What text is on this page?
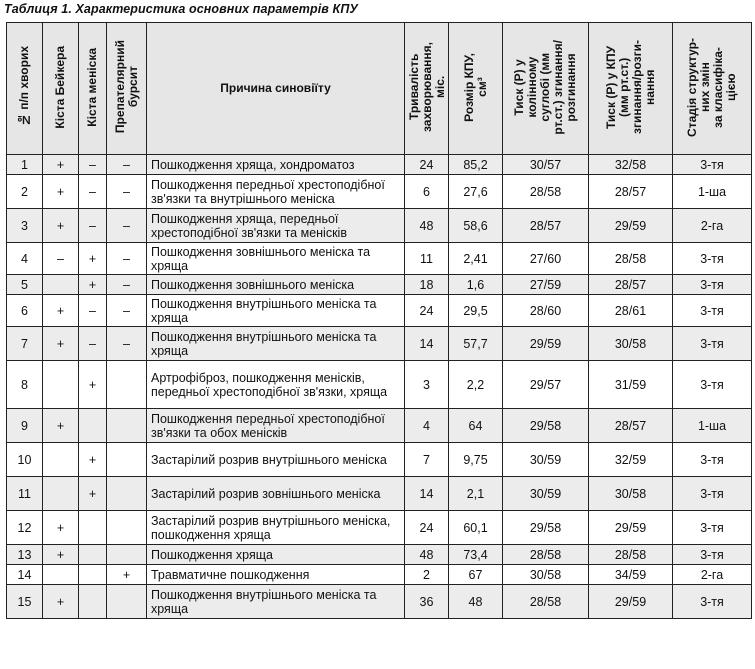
Таблиця 1. Характеристика основних параметрів КПУ
№ п/п хворих	Кіста Бейкера	Кіста меніска	Препателярний
бурсит	Причина синовіїту	Тривалість
захворювання,
міс.	Розмір КПУ,
см³	Тиск (Р) у
колінному
суглобі (мм
рт.ст.) згинання/
розгинання	Тиск (Р) у КПУ
(мм рт.ст.)
згинання/розги-
нання	Стадія структур-
них змін
за класифіка-
цією
1	+	–	–	Пошкодження хряща, хондроматоз	24	85,2	30/57	32/58	3-тя
2	+	–	–	Пошкодження передньої хрестоподібної зв'язки та внутрішнього меніска	6	27,6	28/58	28/57	1-ша
3	+	–	–	Пошкодження хряща, передньої хрестоподібної зв'язки та менісків	48	58,6	28/57	29/59	2-га
4	–	+	–	Пошкодження зовнішнього меніска та хряща	11	2,41	27/60	28/58	3-тя
5		+	–	Пошкодження зовнішнього меніска	18	1,6	27/59	28/57	3-тя
6	+	–	–	Пошкодження внутрішнього меніска та хряща	24	29,5	28/60	28/61	3-тя
7	+	–	–	Пошкодження внутрішнього меніска та хряща	14	57,7	29/59	30/58	3-тя
8		+		Артрофіброз, пошкодження менісків, передньої хрестоподібної зв'язки, хряща	3	2,2	29/57	31/59	3-тя
9	+			Пошкодження передньої хрестоподібної зв'язки та обох менісків	4	64	29/58	28/57	1-ша
10		+		Застарілий розрив внутрішнього меніска	7	9,75	30/59	32/59	3-тя
11		+		Застарілий розрив зовнішнього меніска	14	2,1	30/59	30/58	3-тя
12	+			Застарілий розрив внутрішнього меніска, пошкодження хряща	24	60,1	29/58	29/59	3-тя
13	+			Пошкодження хряща	48	73,4	28/58	28/58	3-тя
14			+	Травматичне пошкодження	2	67	30/58	34/59	2-га
15	+			Пошкодження внутрішнього меніска та хряща	36	48	28/58	29/59	3-тя
